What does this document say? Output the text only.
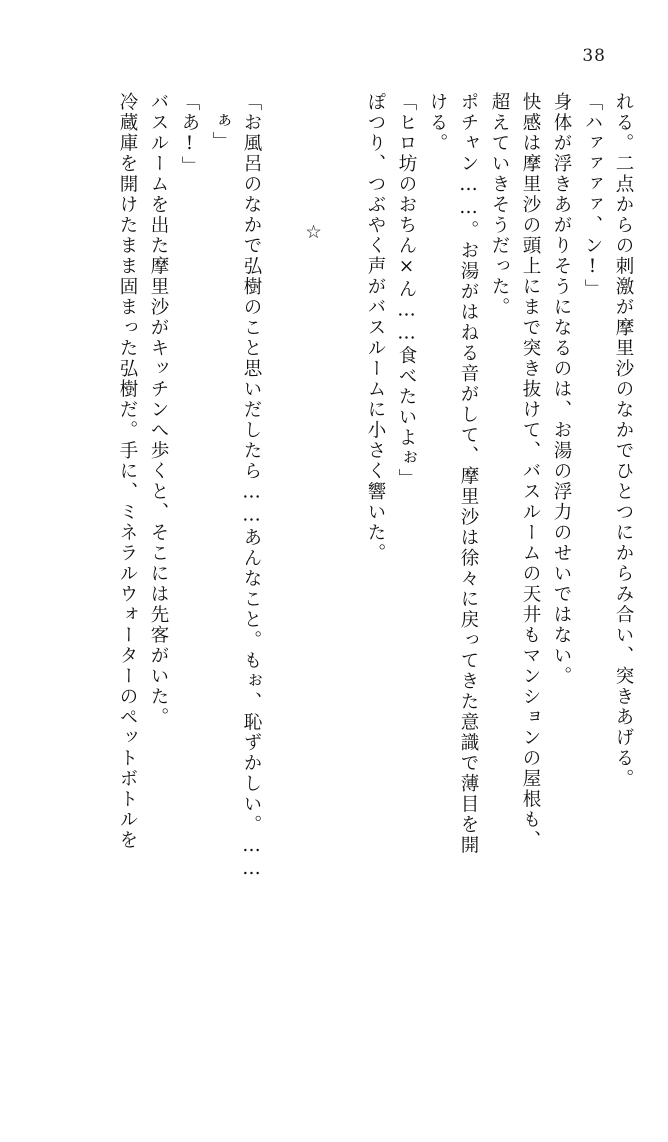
38
れる。二点からの刺激が摩里沙のなかでひとつにからみ合い、突きあげる。
「ハァァァァ、ン!」
身体が浮きあがりそうになるのは、お湯の浮力のせいではない。
快感は摩里沙の頭上にまで突き抜けて、バスルームの天井もマンションの屋根も、
超えていきそうだった。
ポチャン……。お湯がはねる音がして、摩里沙は徐々に戻ってきた意識で薄目を開
ける。
「ヒロ坊のおちん×ん……食べたいよぉ」
ぽつり、つぶやく声がバスルームに小さく響いた。
☆
「お風呂のなかで弘樹のこと思いだしたら……あんなこと。もぉ、恥ずかしい。……
ぁ」
「あ!」
バスルームを出た摩里沙がキッチンへ歩くと、そこには先客がいた。
冷蔵庫を開けたまま固まった弘樹だ。手に、ミネラルウォーターのペットボトルを
